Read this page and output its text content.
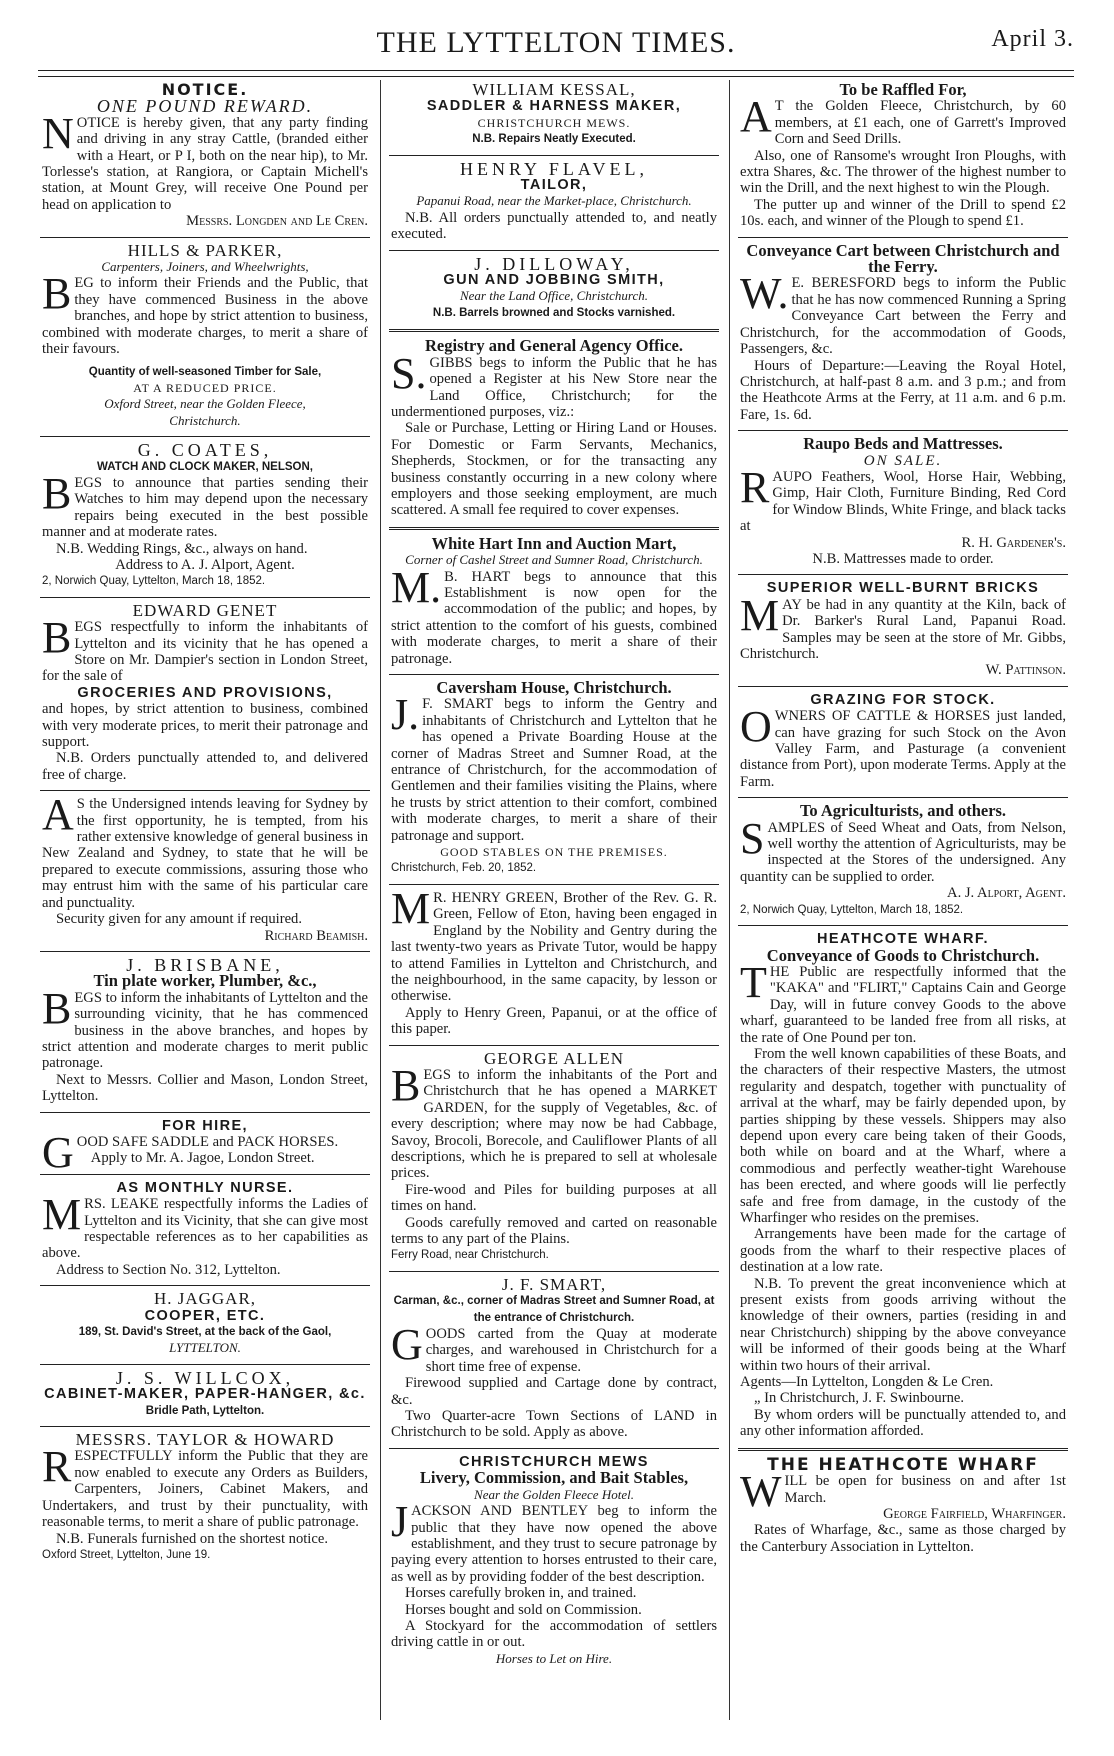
THE LYTTELTON TIMES.	April 3.
NOTICE.
ONE POUND REWARD.
NOTICE is hereby given, that any party finding and driving in any stray Cattle, (branded either with a Heart, or P I, both on the near hip), to Mr. Torlesse's station, at Rangiora, or Captain Michell's station, at Mount Grey, will receive One Pound per head on application to
Messrs. Longden and Le Cren.
HILLS & PARKER,
Carpenters, Joiners, and Wheelwrights,
BEG to inform their Friends and the Public, that they have commenced Business in the above branches, and hope by strict attention to business, combined with moderate charges, to merit a share of their favours.
Quantity of well-seasoned Timber for Sale,
AT A REDUCED PRICE.
Oxford Street, near the Golden Fleece,
Christchurch.
G. COATES,
WATCH AND CLOCK MAKER, NELSON,
BEGS to announce that parties sending their Watches to him may depend upon the necessary repairs being executed in the best possible manner and at moderate rates.
N.B. Wedding Rings, &c., always on hand.
Address to A. J. Alport, Agent.
2, Norwich Quay, Lyttelton, March 18, 1852.
EDWARD GENET
BEGS respectfully to inform the inhabitants of Lyttelton and its vicinity that he has opened a Store on Mr. Dampier's section in London Street, for the sale of
GROCERIES AND PROVISIONS,
and hopes, by strict attention to business, combined with very moderate prices, to merit their patronage and support.
N.B. Orders punctually attended to, and delivered free of charge.
AS the Undersigned intends leaving for Sydney by the first opportunity, he is tempted, from his rather extensive knowledge of general business in New Zealand and Sydney, to state that he will be prepared to execute commissions, assuring those who may entrust him with the same of his particular care and punctuality.
Security given for any amount if required.
Richard Beamish.
J. BRISBANE,
Tin plate worker, Plumber, &c.,
BEGS to inform the inhabitants of Lyttelton and the surrounding vicinity, that he has commenced business in the above branches, and hopes by strict attention and moderate charges to merit public patronage.
Next to Messrs. Collier and Mason, London Street, Lyttelton.
FOR HIRE,
GOOD SAFE SADDLE and PACK HORSES.
Apply to Mr. A. Jagoe, London Street.
AS MONTHLY NURSE.
MRS. LEAKE respectfully informs the Ladies of Lyttelton and its Vicinity, that she can give most respectable references as to her capabilities as above.
Address to Section No. 312, Lyttelton.
H. JAGGAR,
COOPER, ETC.
189, St. David's Street, at the back of the Gaol,
LYTTELTON.
J. S. WILLCOX,
CABINET-MAKER, PAPER-HANGER, &c.
Bridle Path, Lyttelton.
MESSRS. TAYLOR & HOWARD
RESPECTFULLY inform the Public that they are now enabled to execute any Orders as Builders, Carpenters, Joiners, Cabinet Makers, and Undertakers, and trust by their punctuality, with reasonable terms, to merit a share of public patronage.
N.B. Funerals furnished on the shortest notice.
Oxford Street, Lyttelton, June 19.
WILLIAM KESSAL,
SADDLER & HARNESS MAKER,
CHRISTCHURCH MEWS.
N.B. Repairs Neatly Executed.
HENRY FLAVEL,
TAILOR,
Papanui Road, near the Market-place, Christchurch.
N.B. All orders punctually attended to, and neatly executed.
J. DILLOWAY,
GUN AND JOBBING SMITH,
Near the Land Office, Christchurch.
N.B. Barrels browned and Stocks varnished.
Registry and General Agency Office.
S.GIBBS begs to inform the Public that he has opened a Register at his New Store near the Land Office, Christchurch; for the undermentioned purposes, viz.:
Sale or Purchase, Letting or Hiring Land or Houses. For Domestic or Farm Servants, Mechanics, Shepherds, Stockmen, or for the transacting any business constantly occurring in a new colony where employers and those seeking employment, are much scattered. A small fee required to cover expenses.
White Hart Inn and Auction Mart,
Corner of Cashel Street and Sumner Road, Christchurch.
M.B. HART begs to announce that this Establishment is now open for the accommodation of the public; and hopes, by strict attention to the comfort of his guests, combined with moderate charges, to merit a share of their patronage.
Caversham House, Christchurch.
J.F. SMART begs to inform the Gentry and inhabitants of Christchurch and Lyttelton that he has opened a Private Boarding House at the corner of Madras Street and Sumner Road, at the entrance of Christchurch, for the accommodation of Gentlemen and their families visiting the Plains, where he trusts by strict attention to their comfort, combined with moderate charges, to merit a share of their patronage and support.
GOOD STABLES ON THE PREMISES.
Christchurch, Feb. 20, 1852.
MR. HENRY GREEN, Brother of the Rev. G. R. Green, Fellow of Eton, having been engaged in England by the Nobility and Gentry during the last twenty-two years as Private Tutor, would be happy to attend Families in Lyttelton and Christchurch, and the neighbourhood, in the same capacity, by lesson or otherwise.
Apply to Henry Green, Papanui, or at the office of this paper.
GEORGE ALLEN
BEGS to inform the inhabitants of the Port and Christchurch that he has opened a MARKET GARDEN, for the supply of Vegetables, &c. of every description; where may now be had Cabbage, Savoy, Brocoli, Borecole, and Cauliflower Plants of all descriptions, which he is prepared to sell at wholesale prices.
Fire-wood and Piles for building purposes at all times on hand.
Goods carefully removed and carted on reasonable terms to any part of the Plains.
Ferry Road, near Christchurch.
J. F. SMART,
Carman, &c., corner of Madras Street and Sumner Road, at the entrance of Christchurch.
GOODS carted from the Quay at moderate charges, and warehoused in Christchurch for a short time free of expense.
Firewood supplied and Cartage done by contract, &c.
Two Quarter-acre Town Sections of LAND in Christchurch to be sold. Apply as above.
CHRISTCHURCH MEWS
Livery, Commission, and Bait Stables,
Near the Golden Fleece Hotel.
JACKSON AND BENTLEY beg to inform the public that they have now opened the above establishment, and they trust to secure patronage by paying every attention to horses entrusted to their care, as well as by providing fodder of the best description.
Horses carefully broken in, and trained.
Horses bought and sold on Commission.
A Stockyard for the accommodation of settlers driving cattle in or out.
Horses to Let on Hire.
To be Raffled For,
AT the Golden Fleece, Christchurch, by 60 members, at £1 each, one of Garrett's Improved Corn and Seed Drills.
Also, one of Ransome's wrought Iron Ploughs, with extra Shares, &c. The thrower of the highest number to win the Drill, and the next highest to win the Plough.
The putter up and winner of the Drill to spend £2 10s. each, and winner of the Plough to spend £1.
Conveyance Cart between Christchurch and the Ferry.
W.E. BERESFORD begs to inform the Public that he has now commenced Running a Spring Conveyance Cart between the Ferry and Christchurch, for the accommodation of Goods, Passengers, &c.
Hours of Departure:—Leaving the Royal Hotel, Christchurch, at half-past 8 a.m. and 3 p.m.; and from the Heathcote Arms at the Ferry, at 11 a.m. and 6 p.m. Fare, 1s. 6d.
Raupo Beds and Mattresses.
ON SALE.
RAUPO Feathers, Wool, Horse Hair, Webbing, Gimp, Hair Cloth, Furniture Binding, Red Cord for Window Blinds, White Fringe, and black tacks at
R. H. Gardener's.
N.B. Mattresses made to order.
SUPERIOR WELL-BURNT BRICKS
MAY be had in any quantity at the Kiln, back of Dr. Barker's Rural Land, Papanui Road. Samples may be seen at the store of Mr. Gibbs, Christchurch.
W. Pattinson.
GRAZING FOR STOCK.
OWNERS OF CATTLE & HORSES just landed, can have grazing for such Stock on the Avon Valley Farm, and Pasturage (a convenient distance from Port), upon moderate Terms. Apply at the Farm.
To Agriculturists, and others.
SAMPLES of Seed Wheat and Oats, from Nelson, well worthy the attention of Agriculturists, may be inspected at the Stores of the undersigned. Any quantity can be supplied to order.
A. J. Alport, Agent.
2, Norwich Quay, Lyttelton, March 18, 1852.
HEATHCOTE WHARF.
Conveyance of Goods to Christchurch.
THE Public are respectfully informed that the "KAKA" and "FLIRT," Captains Cain and George Day, will in future convey Goods to the above wharf, guaranteed to be landed free from all risks, at the rate of One Pound per ton.
From the well known capabilities of these Boats, and the characters of their respective Masters, the utmost regularity and despatch, together with punctuality of arrival at the wharf, may be fairly depended upon, by parties shipping by these vessels. Shippers may also depend upon every care being taken of their Goods, both while on board and at the Wharf, where a commodious and perfectly weather-tight Warehouse has been erected, and where goods will lie perfectly safe and free from damage, in the custody of the Wharfinger who resides on the premises.
Arrangements have been made for the cartage of goods from the wharf to their respective places of destination at a low rate.
N.B. To prevent the great inconvenience which at present exists from goods arriving without the knowledge of their owners, parties (residing in and near Christchurch) shipping by the above conveyance will be informed of their goods being at the Wharf within two hours of their arrival.
Agents—In Lyttelton, Longden & Le Cren.
„ In Christchurch, J. F. Swinbourne.
By whom orders will be punctually attended to, and any other information afforded.
THE HEATHCOTE WHARF
WILL be open for business on and after 1st March.
George Fairfield, Wharfinger.
Rates of Wharfage, &c., same as those charged by the Canterbury Association in Lyttelton.
